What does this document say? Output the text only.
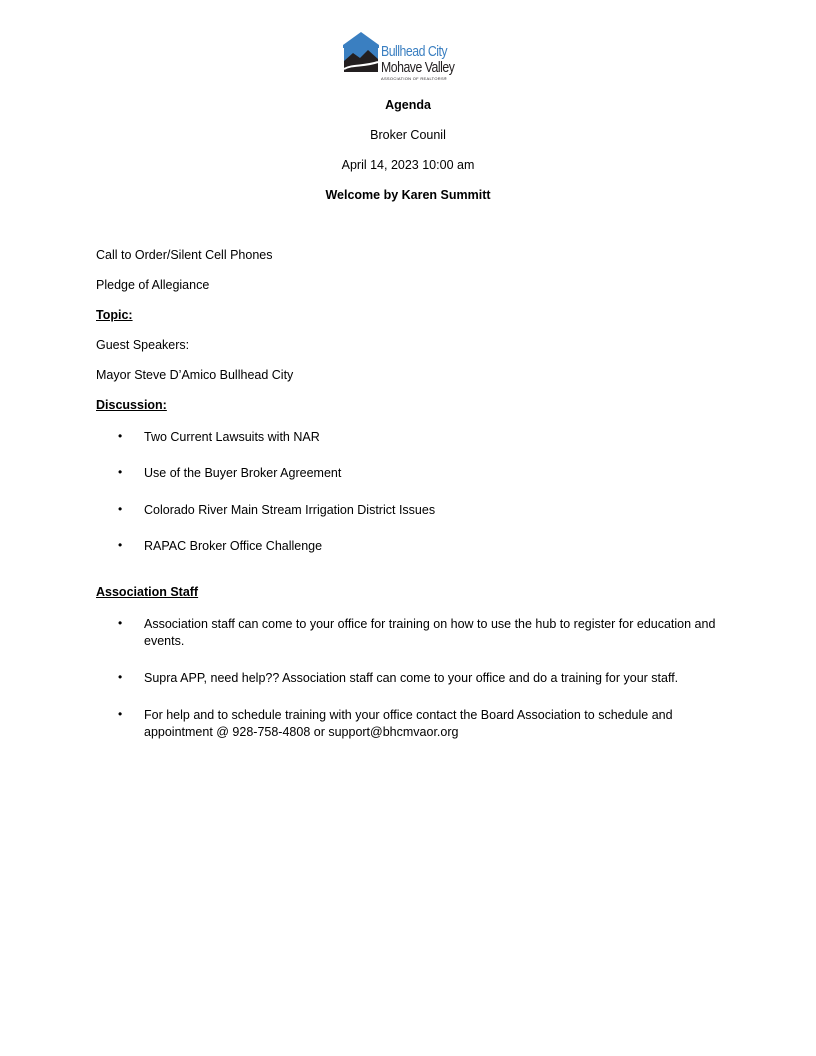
Bullhead City
Mohave Valley
ASSOCIATION OF REALTORS®
Agenda
Broker Counil
April 14, 2023 10:00 am
Welcome by Karen Summitt
Call to Order/Silent Cell Phones
Pledge of Allegiance
Topic:
Guest Speakers:
Mayor Steve D’Amico Bullhead City
Discussion:
• Two Current Lawsuits with NAR
• Use of the Buyer Broker Agreement
• Colorado River Main Stream Irrigation District Issues
• RAPAC Broker Office Challenge
Association Staff
• Association staff can come to your office for training on how to use the hub to register for education and events.
• Supra APP, need help?? Association staff can come to your office and do a training for your staff.
• For help and to schedule training with your office contact the Board Association to schedule and appointment @ 928-758-4808 or support@bhcmvaor.org
